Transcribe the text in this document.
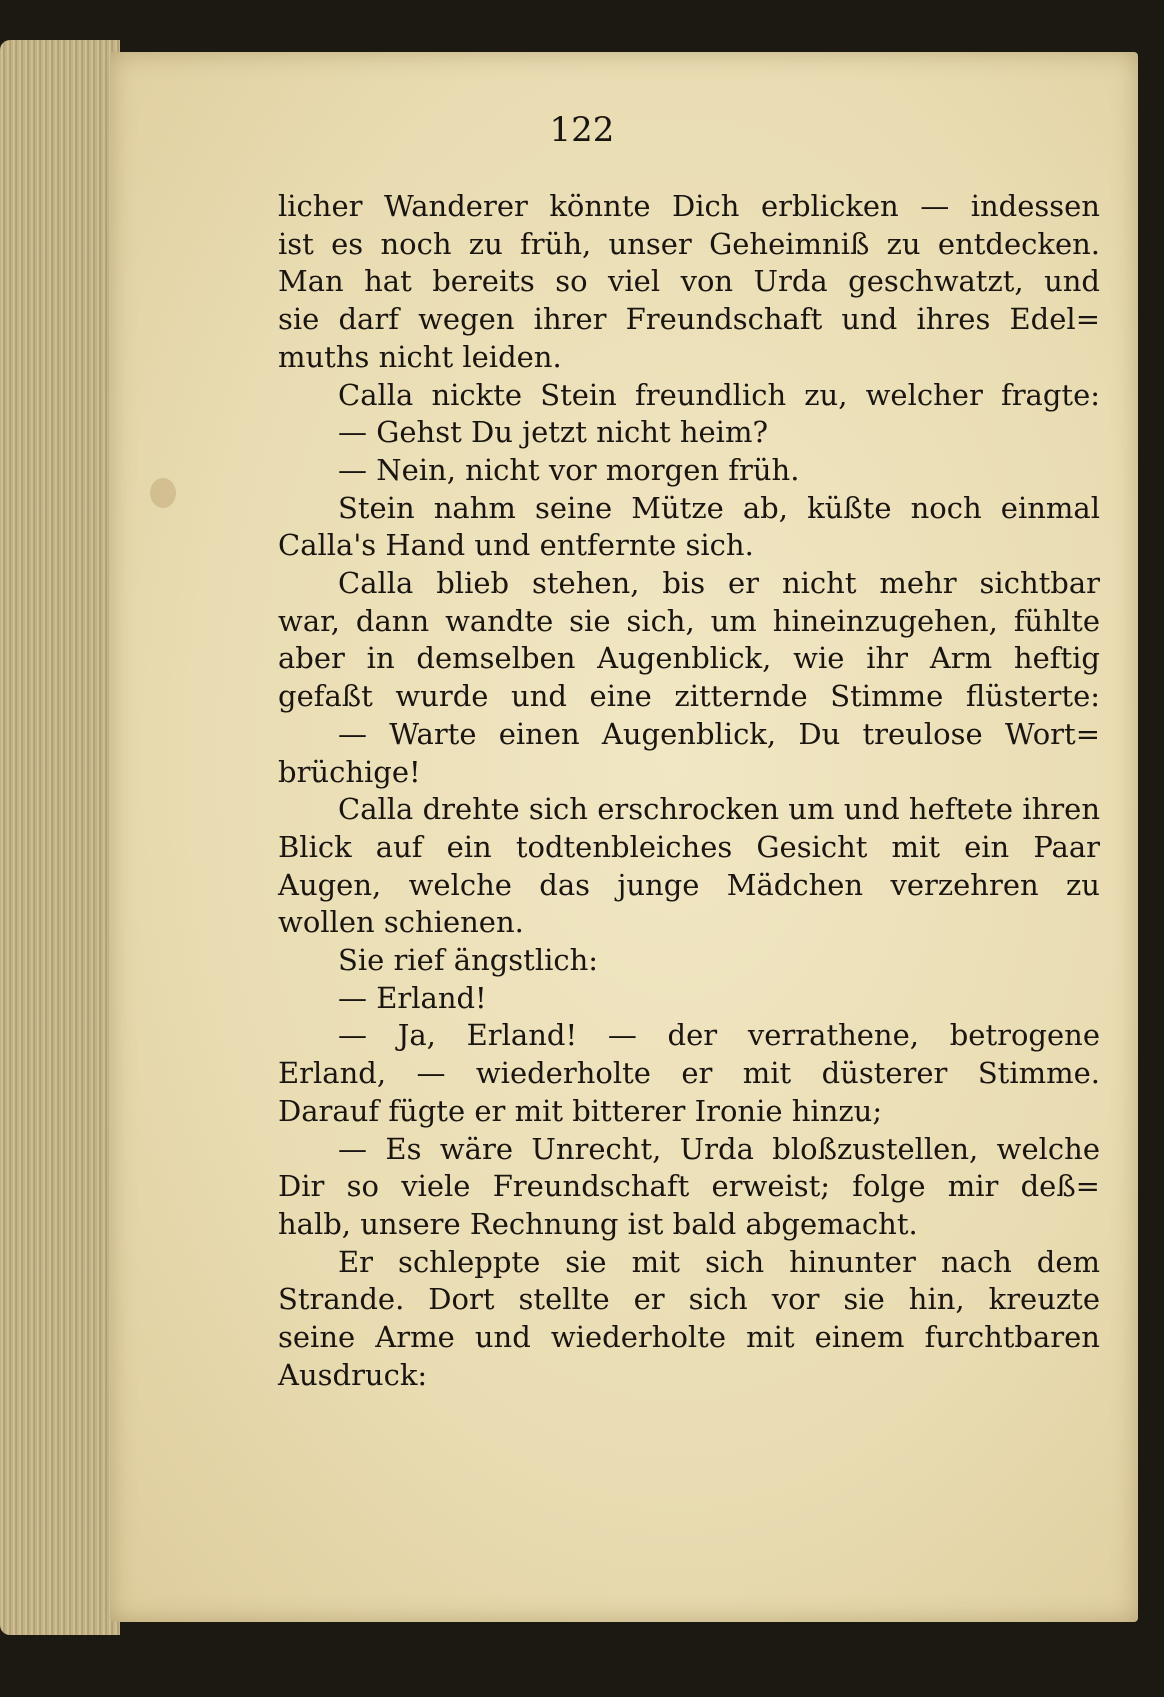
122

licher Wanderer könnte Dich erblicken — indessen

ist es noch zu früh, unser Geheimniß zu entdecken.

Man hat bereits so viel von Urda geschwatzt, und

sie darf wegen ihrer Freundschaft und ihres Edel=

muths nicht leiden.

Calla nickte Stein freundlich zu, welcher fragte:

— Gehst Du jetzt nicht heim?

— Nein, nicht vor morgen früh.

Stein nahm seine Mütze ab, küßte noch einmal

Calla's Hand und entfernte sich.

Calla blieb stehen, bis er nicht mehr sichtbar

war, dann wandte sie sich, um hineinzugehen, fühlte

aber in demselben Augenblick, wie ihr Arm heftig

gefaßt wurde und eine zitternde Stimme flüsterte:

— Warte einen Augenblick, Du treulose Wort=

brüchige!

Calla drehte sich erschrocken um und heftete ihren

Blick auf ein todtenbleiches Gesicht mit ein Paar

Augen, welche das junge Mädchen verzehren zu

wollen schienen.

Sie rief ängstlich:

— Erland!

— Ja, Erland! — der verrathene, betrogene

Erland, — wiederholte er mit düsterer Stimme.

Darauf fügte er mit bitterer Ironie hinzu;

— Es wäre Unrecht, Urda bloßzustellen, welche

Dir so viele Freundschaft erweist; folge mir deß=

halb, unsere Rechnung ist bald abgemacht.

Er schleppte sie mit sich hinunter nach dem

Strande. Dort stellte er sich vor sie hin, kreuzte

seine Arme und wiederholte mit einem furchtbaren

Ausdruck:
